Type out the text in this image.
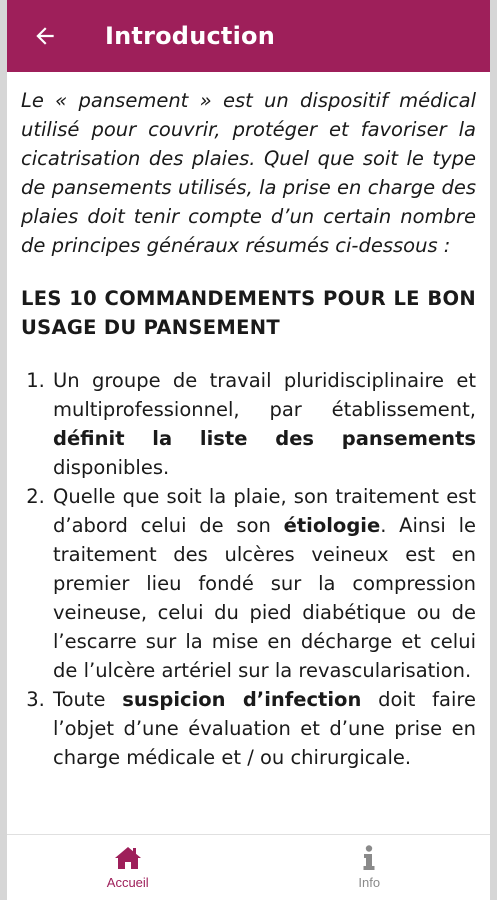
Introduction

Le « pansement » est un dispositif médical utilisé pour couvrir, protéger et favoriser la cicatrisation des plaies. Quel que soit le type de pansements utilisés, la prise en charge des plaies doit tenir compte d’un certain nombre de principes généraux résumés ci-dessous :

LES 10 COMMANDEMENTS POUR LE BON USAGE DU PANSEMENT

1. Un groupe de travail pluridisciplinaire et multiprofessionnel, par établissement, définit la liste des pansements disponibles.
2. Quelle que soit la plaie, son traitement est d’abord celui de son étiologie. Ainsi le traitement des ulcères veineux est en premier lieu fondé sur la compression veineuse, celui du pied diabétique ou de l’escarre sur la mise en décharge et celui de l’ulcère artériel sur la revascularisation.
3. Toute suspicion d’infection doit faire l’objet d’une évaluation et d’une prise en charge médicale et / ou chirurgicale.
Accueil	Info
